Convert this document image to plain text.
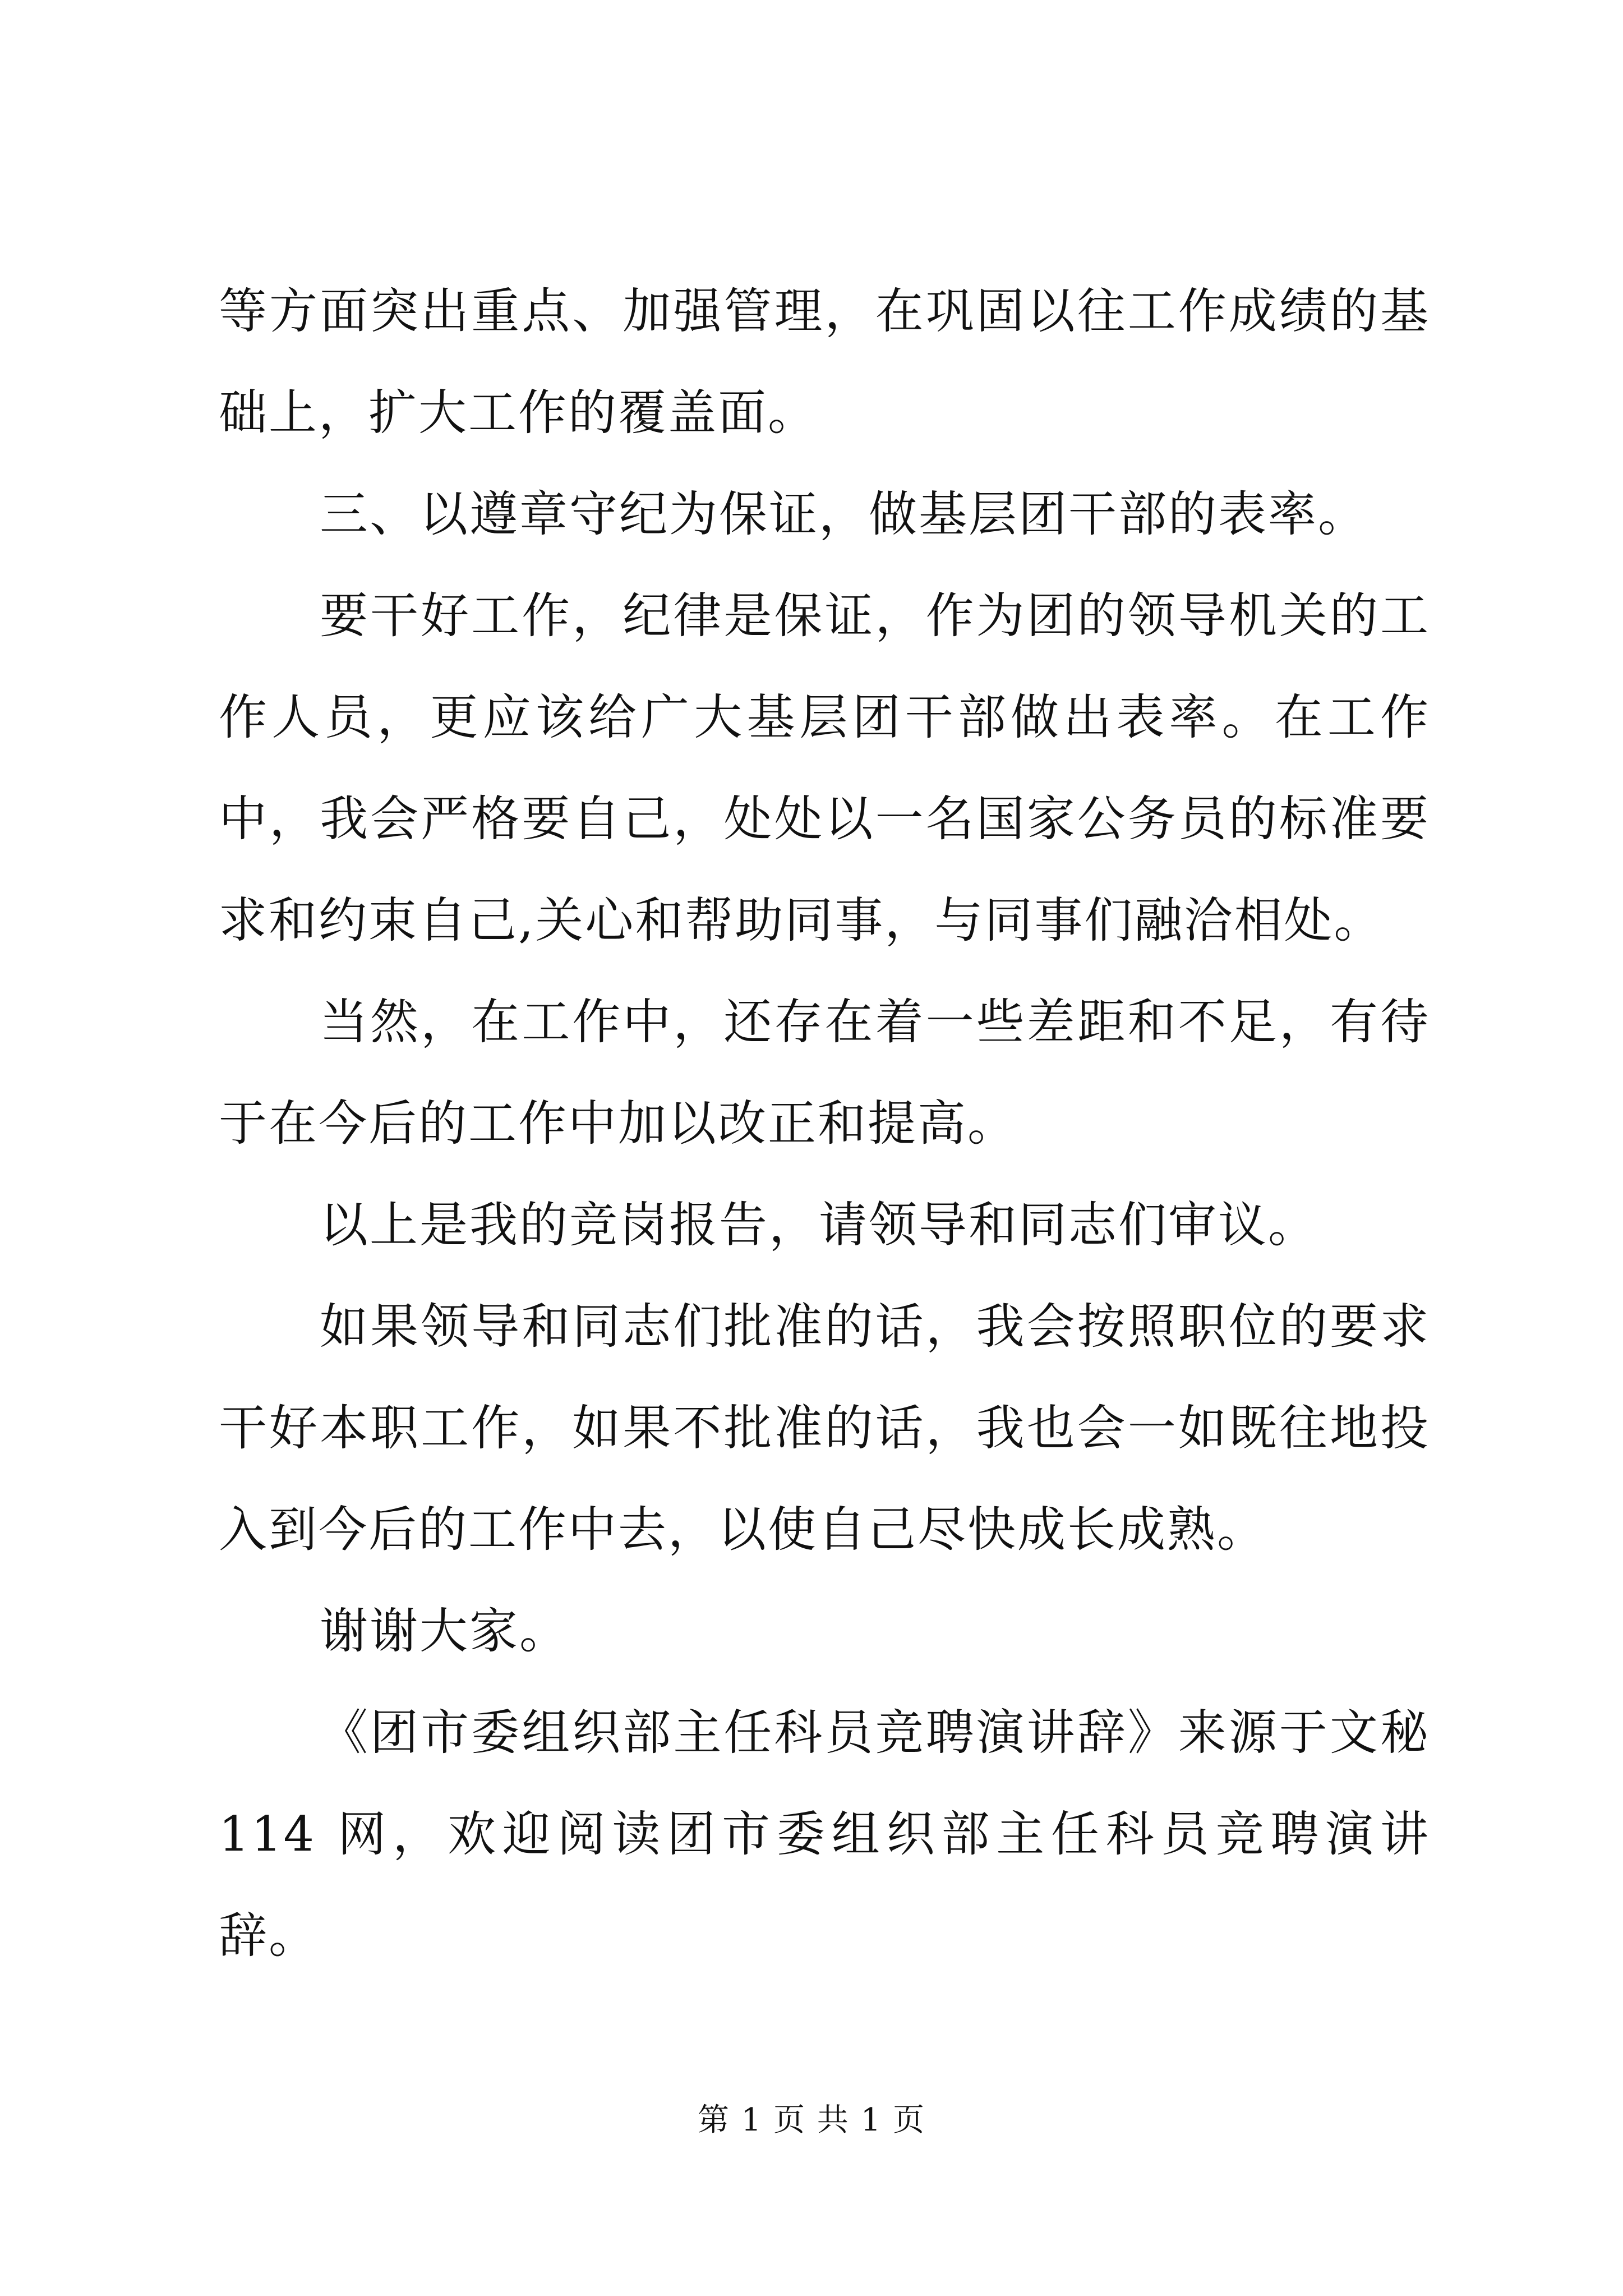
等方面突出重点、加强管理，在巩固以往工作成绩的基础上，扩大工作的覆盖面。

三、以遵章守纪为保证，做基层团干部的表率。

要干好工作，纪律是保证，作为团的领导机关的工作人员，更应该给广大基层团干部做出表率。在工作中，我会严格要自己，处处以一名国家公务员的标准要求和约束自己,关心和帮助同事，与同事们融洽相处。

当然，在工作中，还存在着一些差距和不足，有待于在今后的工作中加以改正和提高。

以上是我的竞岗报告，请领导和同志们审议。

如果领导和同志们批准的话，我会按照职位的要求干好本职工作，如果不批准的话，我也会一如既往地投入到今后的工作中去，以使自己尽快成长成熟。

谢谢大家。

《团市委组织部主任科员竞聘演讲辞》来源于文秘 114 网，欢迎阅读团市委组织部主任科员竞聘演讲辞。

第 1 页 共 1 页
